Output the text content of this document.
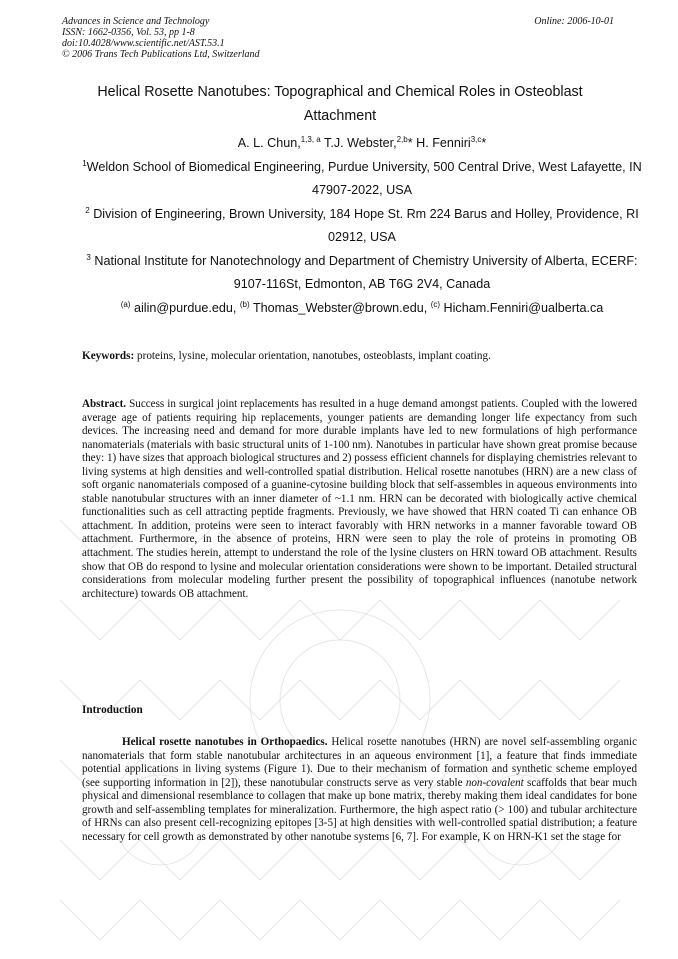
Advances in Science and Technology
ISSN: 1662-0356, Vol. 53, pp 1-8
doi:10.4028/www.scientific.net/AST.53.1
© 2006 Trans Tech Publications Ltd, Switzerland
Online: 2006-10-01
Helical Rosette Nanotubes: Topographical and Chemical Roles in Osteoblast Attachment
A. L. Chun,$^{1,3, a}$ T.J. Webster,$^{2,b}$* H. Fenniri$^{3,c}$*
$^1$Weldon School of Biomedical Engineering, Purdue University, 500 Central Drive, West Lafayette, IN 47907-2022, USA
$^2$ Division of Engineering, Brown University, 184 Hope St. Rm 224 Barus and Holley, Providence, RI 02912, USA
$^3$ National Institute for Nanotechnology and Department of Chemistry University of Alberta, ECERF: 9107-116St, Edmonton, AB T6G 2V4, Canada
$^{(a)}$ ailin@purdue.edu, $^{(b)}$ Thomas_Webster@brown.edu, $^{(c)}$ Hicham.Fenniri@ualberta.ca
Keywords: proteins, lysine, molecular orientation, nanotubes, osteoblasts, implant coating.
Abstract. Success in surgical joint replacements has resulted in a huge demand amongst patients. Coupled with the lowered average age of patients requiring hip replacements, younger patients are demanding longer life expectancy from such devices. The increasing need and demand for more durable implants have led to new formulations of high performance nanomaterials (materials with basic structural units of 1-100 nm). Nanotubes in particular have shown great promise because they: 1) have sizes that approach biological structures and 2) possess efficient channels for displaying chemistries relevant to living systems at high densities and well-controlled spatial distribution. Helical rosette nanotubes (HRN) are a new class of soft organic nanomaterials composed of a guanine-cytosine building block that self-assembles in aqueous environments into stable nanotubular structures with an inner diameter of ~1.1 nm. HRN can be decorated with biologically active chemical functionalities such as cell attracting peptide fragments. Previously, we have showed that HRN coated Ti can enhance OB attachment. In addition, proteins were seen to interact favorably with HRN networks in a manner favorable toward OB attachment. Furthermore, in the absence of proteins, HRN were seen to play the role of proteins in promoting OB attachment. The studies herein, attempt to understand the role of the lysine clusters on HRN toward OB attachment. Results show that OB do respond to lysine and molecular orientation considerations were shown to be important. Detailed structural considerations from molecular modeling further present the possibility of topographical influences (nanotube network architecture) towards OB attachment.
Introduction
Helical rosette nanotubes in Orthopaedics. Helical rosette nanotubes (HRN) are novel self-assembling organic nanomaterials that form stable nanotubular architectures in an aqueous environment [1], a feature that finds immediate potential applications in living systems (Figure 1). Due to their mechanism of formation and synthetic scheme employed (see supporting information in [2]), these nanotubular constructs serve as very stable non-covalent scaffolds that bear much physical and dimensional resemblance to collagen that make up bone matrix, thereby making them ideal candidates for bone growth and self-assembling templates for mineralization. Furthermore, the high aspect ratio (> 100) and tubular architecture of HRNs can also present cell-recognizing epitopes [3-5] at high densities with well-controlled spatial distribution; a feature necessary for cell growth as demonstrated by other nanotube systems [6, 7]. For example, K on HRN-K1 set the stage for
